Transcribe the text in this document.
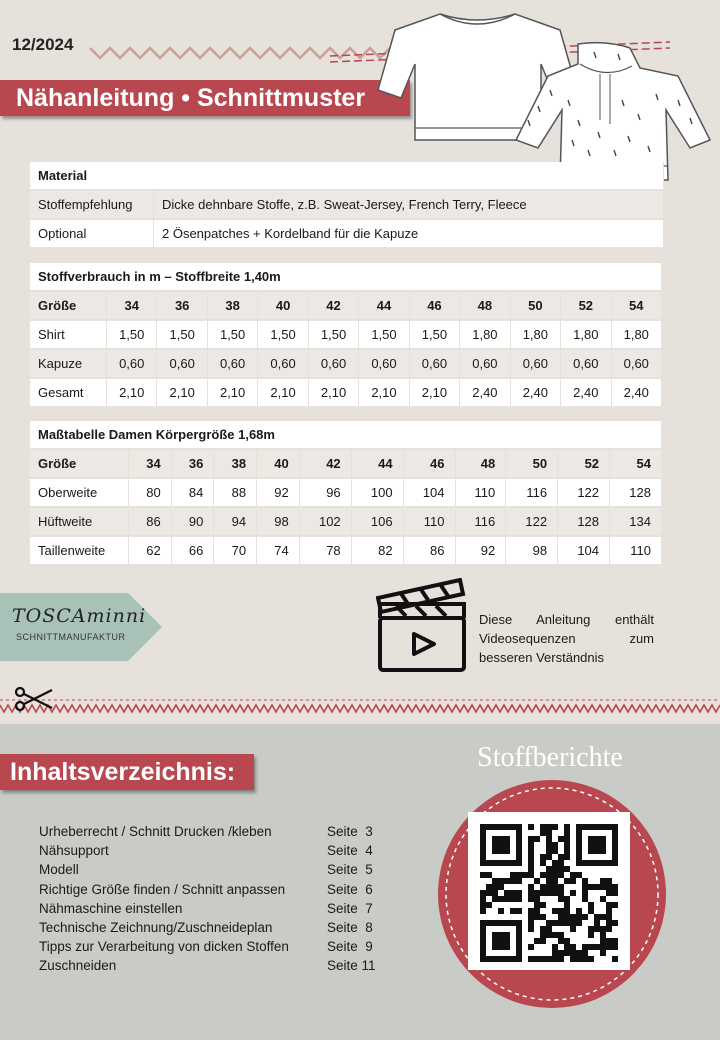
12/2024
Nähanleitung • Schnittmuster
Material	
Stoffempfehlung	Dicke dehnbare Stoffe, z.B. Sweat-Jersey, French Terry, Fleece
Optional	2 Ösenpatches + Kordelband für die Kapuze
Stoffverbrauch in m – Stoffbreite 1,40m											
Größe	34	36	38	40	42	44	46	48	50	52	54
Shirt	1,50	1,50	1,50	1,50	1,50	1,50	1,50	1,80	1,80	1,80	1,80
Kapuze	0,60	0,60	0,60	0,60	0,60	0,60	0,60	0,60	0,60	0,60	0,60
Gesamt	2,10	2,10	2,10	2,10	2,10	2,10	2,10	2,40	2,40	2,40	2,40
Maßtabelle Damen Körpergröße 1,68m											
Größe	34	36	38	40	42	44	46	48	50	52	54
Oberweite	80	84	88	92	96	100	104	110	116	122	128
Hüftweite	86	90	94	98	102	106	110	116	122	128	134
Taillenweite	62	66	70	74	78	82	86	92	98	104	110
TOSCAminni
SCHNITTMANUFAKTUR
Diese Anleitung enthält
Videosequenzen zum
besseren Verständnis
Inhaltsverzeichnis:
Urheberrecht / Schnitt Drucken /kleben	Seite  3
Nähsupport	Seite  4
Modell	Seite  5
Richtige Größe finden / Schnitt anpassen	Seite  6
Nähmaschine einstellen	Seite  7
Technische Zeichnung/Zuschneideplan	Seite  8
Tipps zur Verarbeitung von dicken Stoffen	Seite  9
Zuschneiden	Seite 11
Stoffberichte
